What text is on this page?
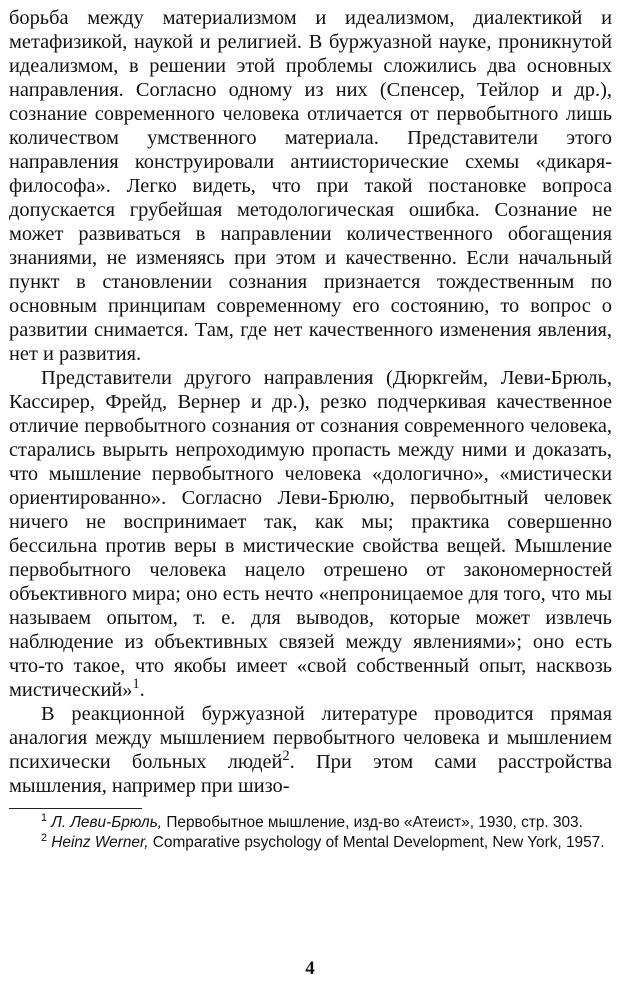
борьба между материализмом и идеализмом, диалектикой и метафизикой, наукой и религией. В буржуазной науке, проникнутой идеализмом, в решении этой проблемы сложились два основных направления. Согласно одному из них (Спенсер, Тейлор и др.), сознание современного человека отличается от первобытного лишь количеством умственного материала. Представители этого направления конструировали антиисторические схемы «дикаря-философа». Легко видеть, что при такой постановке вопроса допускается грубейшая методологическая ошибка. Сознание не может развиваться в направлении количественного обогащения знаниями, не изменяясь при этом и качественно. Если начальный пункт в становлении сознания признается тождественным по основным принципам современному его состоянию, то вопрос о развитии снимается. Там, где нет качественного изменения явления, нет и развития.

Представители другого направления (Дюркгейм, Леви-Брюль, Кассирер, Фрейд, Вернер и др.), резко подчеркивая качественное отличие первобытного сознания от сознания современного человека, старались вырыть непроходимую пропасть между ними и доказать, что мышление первобытного человека «дологично», «мистически ориентированно». Согласно Леви-Брюлю, первобытный человек ничего не воспринимает так, как мы; практика совершенно бессильна против веры в мистические свойства вещей. Мышление первобытного человека нацело отрешено от закономерностей объективного мира; оно есть нечто «непроницаемое для того, что мы называем опытом, т. е. для выводов, которые может извлечь наблюдение из объективных связей между явлениями»; оно есть что-то такое, что якобы имеет «свой собственный опыт, насквозь мистический»$^1$.

В реакционной буржуазной литературе проводится прямая аналогия между мышлением первобытного человека и мышлением психически больных людей$^2$. При этом сами расстройства мышления, например при шизо-

$^1$ Л. Леви-Брюль, Первобытное мышление, изд-во «Атеист», 1930, стр. 303.

$^2$ Heinz Werner, Comparative psychology of Mental Development, New York, 1957.

4
